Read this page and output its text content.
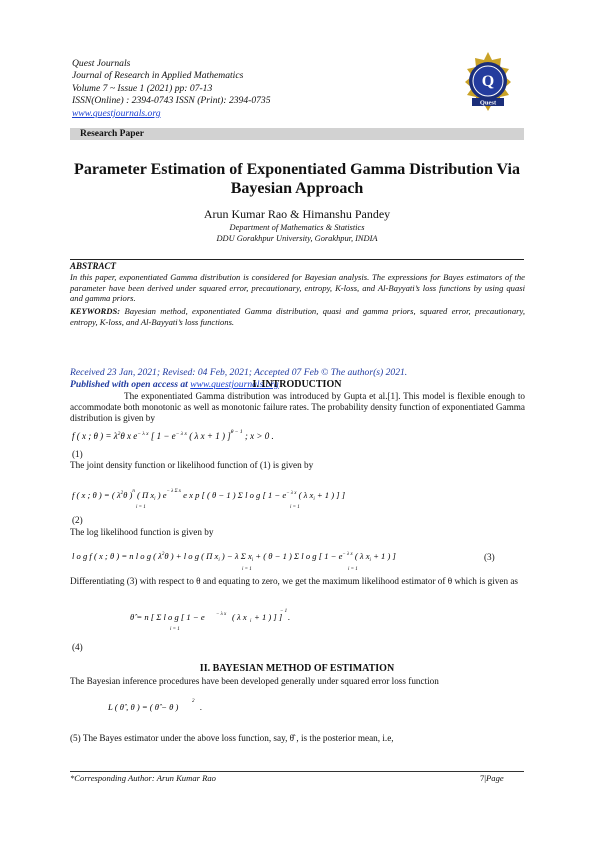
Quest Journals
Journal of Research in Applied Mathematics
Volume 7 ~ Issue 1 (2021) pp: 07-13
ISSN(Online) : 2394-0743 ISSN (Print): 2394-0735
www.questjournals.org
Q
Quest
Research Paper
Parameter Estimation of Exponentiated Gamma Distribution Via Bayesian Approach
Arun Kumar Rao & Himanshu Pandey
Department of Mathematics & Statistics
DDU Gorakhpur University, Gorakhpur, INDIA
ABSTRACT
In this paper, exponentiated Gamma distribution is considered for Bayesian analysis. The expressions for Bayes estimators of the parameter have been derived under squared error, precautionary, entropy, K-loss, and Al-Bayyati’s loss functions by using quasi and gamma priors.
KEYWORDS: Bayesian method, exponentiated Gamma distribution, quasi and gamma priors, squared error, precautionary, entropy, K-loss, and Al-Bayyati’s loss functions.
Received 23 Jan, 2021; Revised: 04 Feb, 2021; Accepted 07 Feb © The author(s) 2021.
Published with open access at www.questjournals.org
I. INTRODUCTION
The exponentiated Gamma distribution was introduced by Gupta et al.[1]. This model is flexible enough to accommodate both monotonic as well as monotonic failure rates. The probability density function of exponentiated Gamma distribution is given by
f ( x ; θ ) = $\lambda^2\theta$ x $e^{- \lambda x}$ [ $1 - e^{- \lambda x}$ ( λ x + 1 ) ]$^{\theta - 1}$ ; x > 0 .
(1)
The joint density function or likelihood function of (1) is given by
f ( x ; θ ) = ( $\lambda^2\theta$ )$^n$ ( Π $x_i$ ) $e^{- \lambda \Sigma x}$ e x p [ ( θ − 1 ) Σ l o g [ $1 - e^{- \lambda x}$ ( λ $x_i + 1$ ) ] ]
i = 1	i = 1
(2)
The log likelihood function is given by
l o g f ( x ; θ ) = n l o g ( $\lambda^2\theta$ ) + l o g ( Π $x_i$ ) − λ Σ $x_i$ + ( θ − 1 ) Σ l o g [ $1 - e^{- \lambda x}$ ( λ $x_i + 1$ ) ]
i = 1	i = 1
(3)
Differentiating (3) with respect to θ and equating to zero, we get the maximum likelihood estimator of θ which is given as
θ̂ = n [ Σ l o g [ 1 − e − λ x ( λ x i + 1 ) ] ]
− 1
.
i = 1
(4)
II. BAYESIAN METHOD OF ESTIMATION
The Bayesian inference procedures have been developed generally under squared error loss function
L ( θ̂ , θ ) = ( θ̂ − θ )
2
.
(5) The Bayes estimator under the above loss function, say, θ̂ , is the posterior mean, i.e,
*Corresponding Author: Arun Kumar Rao	7|Page
